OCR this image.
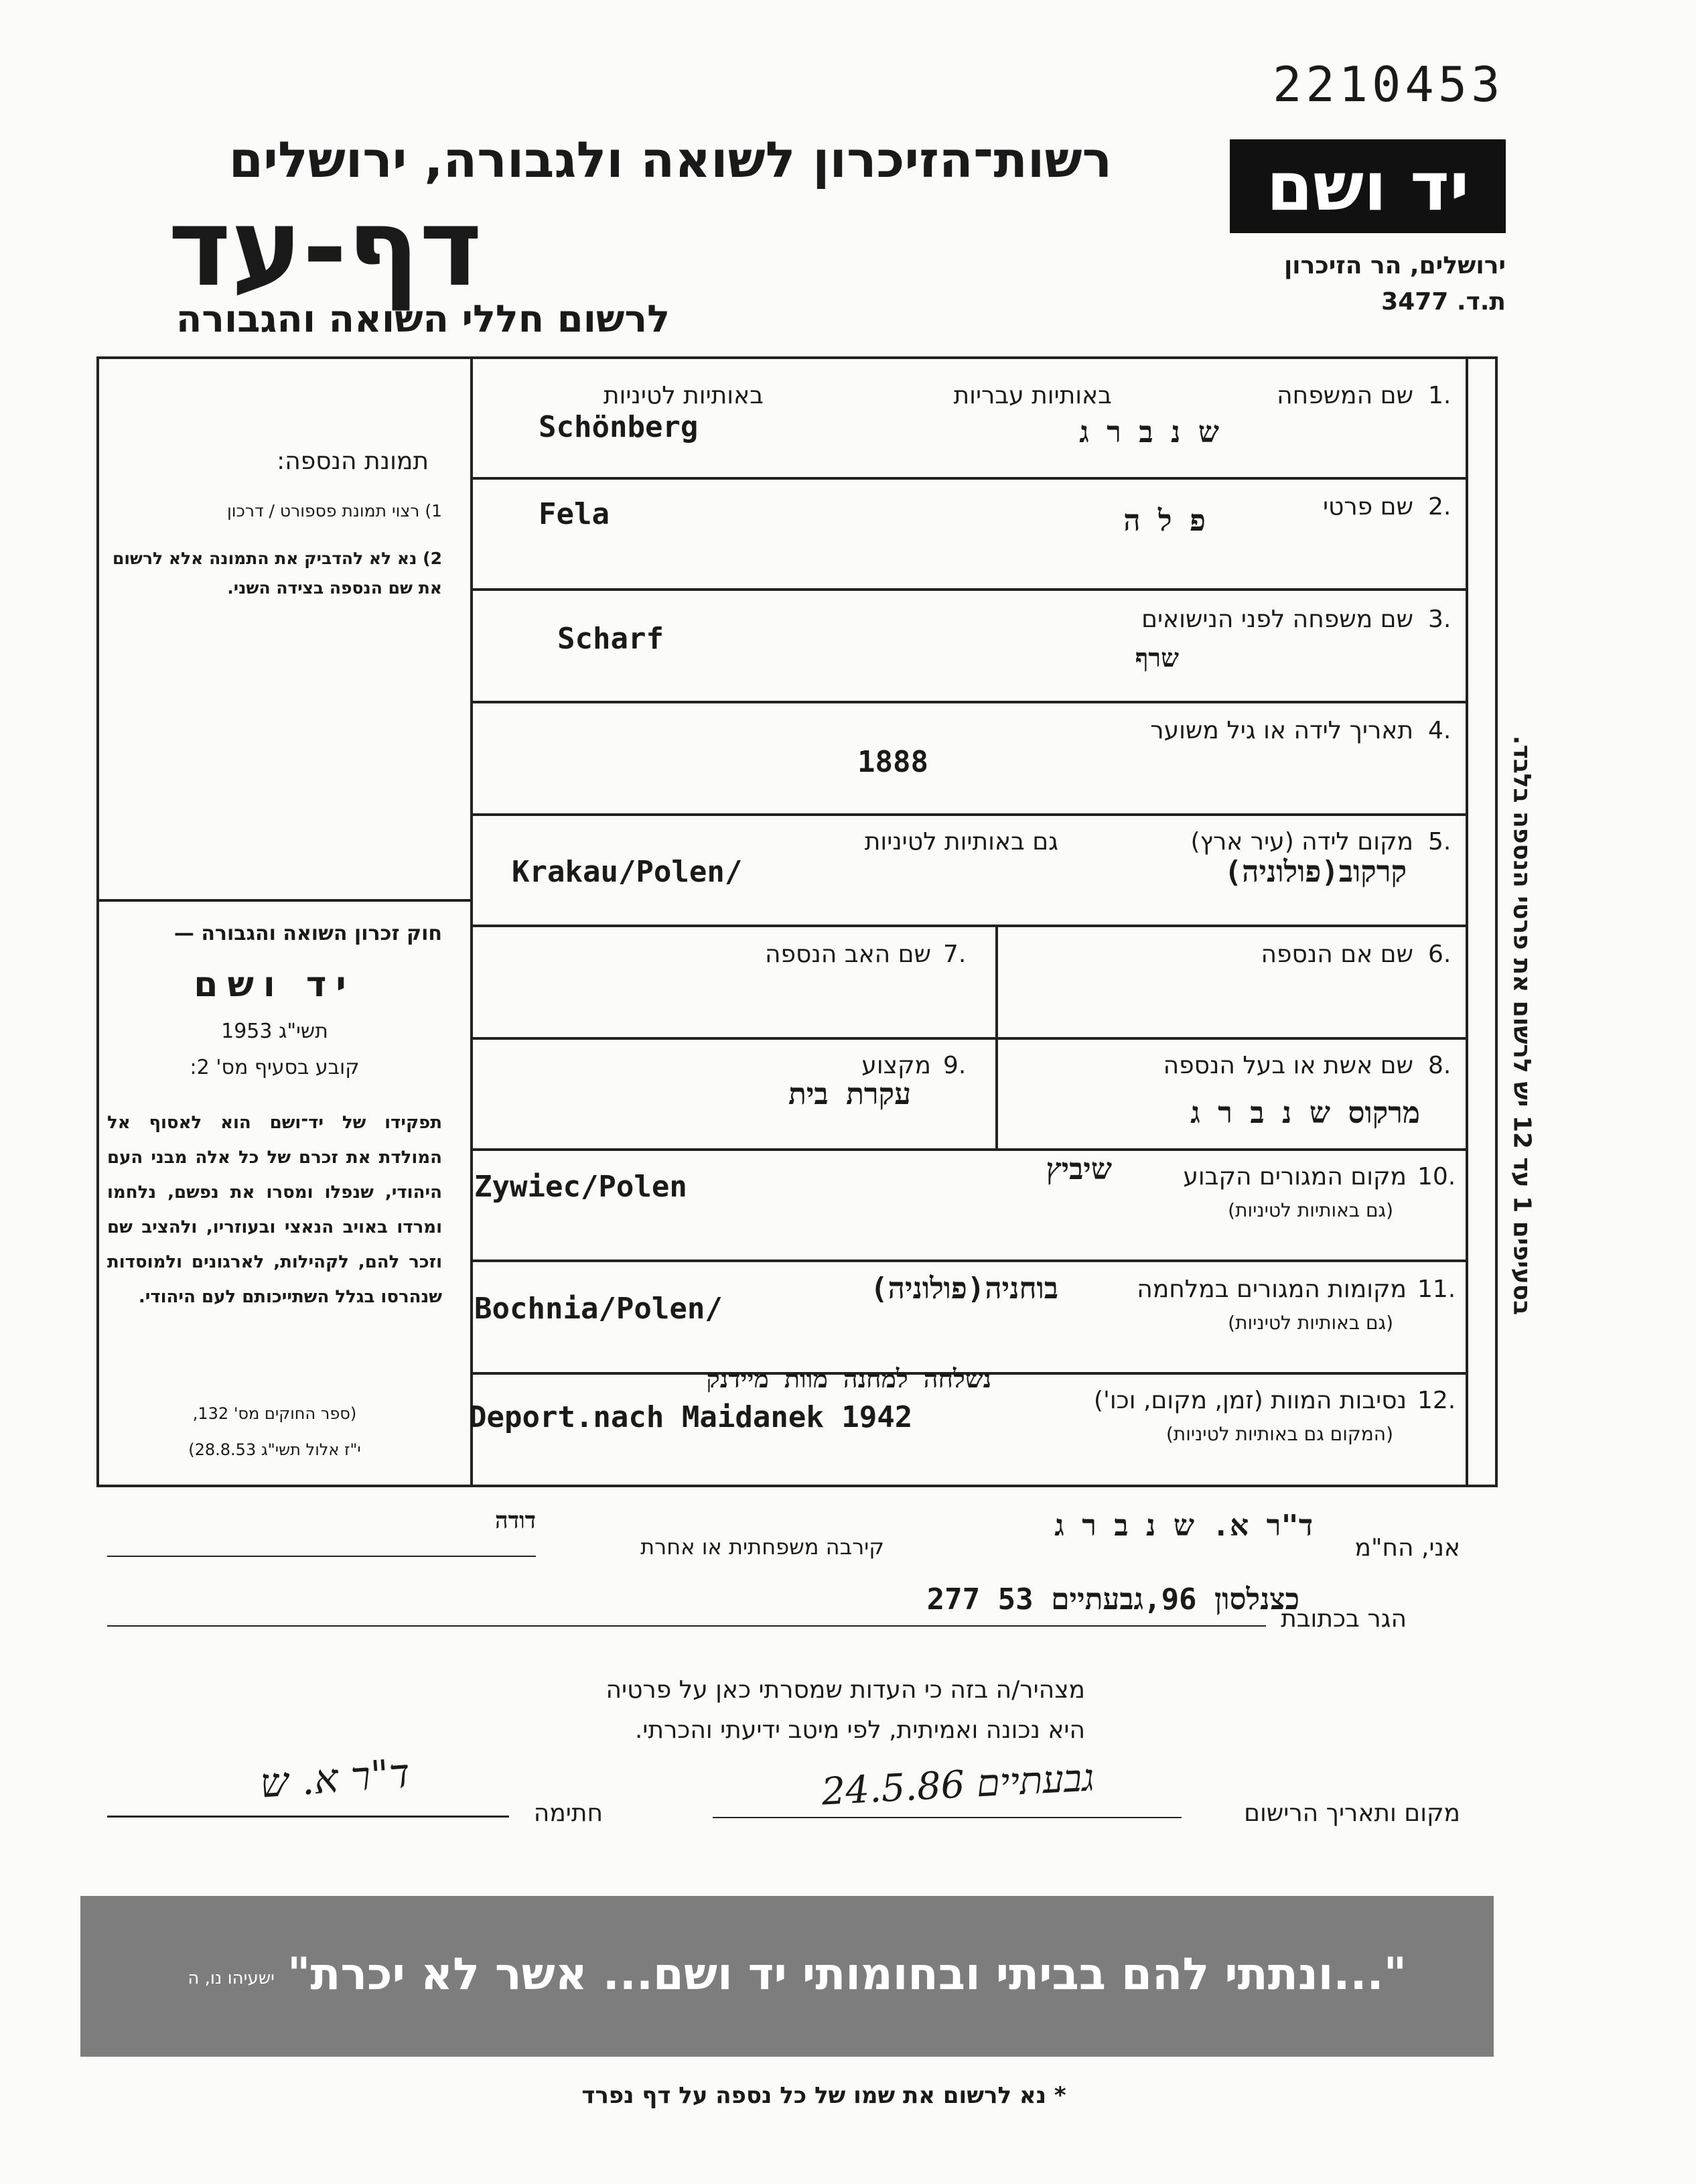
2210453
יד ושם
ירושלים, הר הזיכרון
ת.ד. 3477
רשות־הזיכרון לשואה ולגבורה, ירושלים
דף-עד
לרשום חללי השואה והגבורה
תמונת הנספה:
1) רצוי תמונת פספורט / דרכון
2) נא לא להדביק את התמונה אלא לרשום את שם הנספה בצידה השני.
חוק זכרון השואה והגבורה —
יד ושם
תשי"ג 1953
קובע בסעיף מס' 2:
תפקידו של יד־ושם הוא לאסוף אל המולדת את זכרם של כל אלה מבני העם היהודי, שנפלו ומסרו את נפשם, נלחמו ומרדו באויב הנאצי ובעוזריו, ולהציב שם וזכר להם, לקהילות, לארגונים ולמוסדות שנהרסו בגלל השתייכותם לעם היהודי.
(ספר החוקים מס' 132,
י"ז אלול תשי"ג 28.8.53)
בסעיפים 1 עד 12 יש לרשום את פרטי הנספה בלבד.
1.
שם המשפחה
באותיות עבריות
באותיות לטיניות
Schönberg	ש נ ב ר ג
2.
שם פרטי
Fela	פ ל ה
3.
שם משפחה לפני הנישואים
Scharf
שרף
4.
תאריך לידה או גיל משוער
1888
5.
מקום לידה (עיר ארץ)
גם באותיות לטיניות
Krakau/Polen/	קרקוב(פולוניה)
6.
שם אם הנספה
7.
שם האב הנספה
8.
שם אשת או בעל הנספה
מרקוס ש נ ב ר ג
9.
מקצוע
עקרת בית
10.
מקום המגורים הקבוע
(גם באותיות לטיניות)
Zywiec/Polen
שיביץ
11.
מקומות המגורים במלחמה
(גם באותיות לטיניות)
Bochnia/Polen/
בוחניה(פולוניה)
12.
נסיבות המוות (זמן, מקום, וכו')
(המקום גם באותיות לטיניות)
נשלחה למחנה מוות מיידנק
Deport.nach Maidanek 1942
אני, הח"מ
ד"ר א. ש נ ב ר ג
קירבה משפחתית או אחרת
דודה
הגר בכתובת
כצנלסון 96,גבעתיים 53 277
מצהיר/ה בזה כי העדות שמסרתי כאן על פרטיה
היא נכונה ואמיתית, לפי מיטב ידיעתי והכרתי.
מקום ותאריך הרישום
גבעתיים 24.5.86
חתימה
ד"ר א. ש
"...ונתתי להם בביתי ובחומותי יד ושם... אשר לא יכרת"
ישעיהו נו, ה
* נא לרשום את שמו של כל נספה על דף נפרד
